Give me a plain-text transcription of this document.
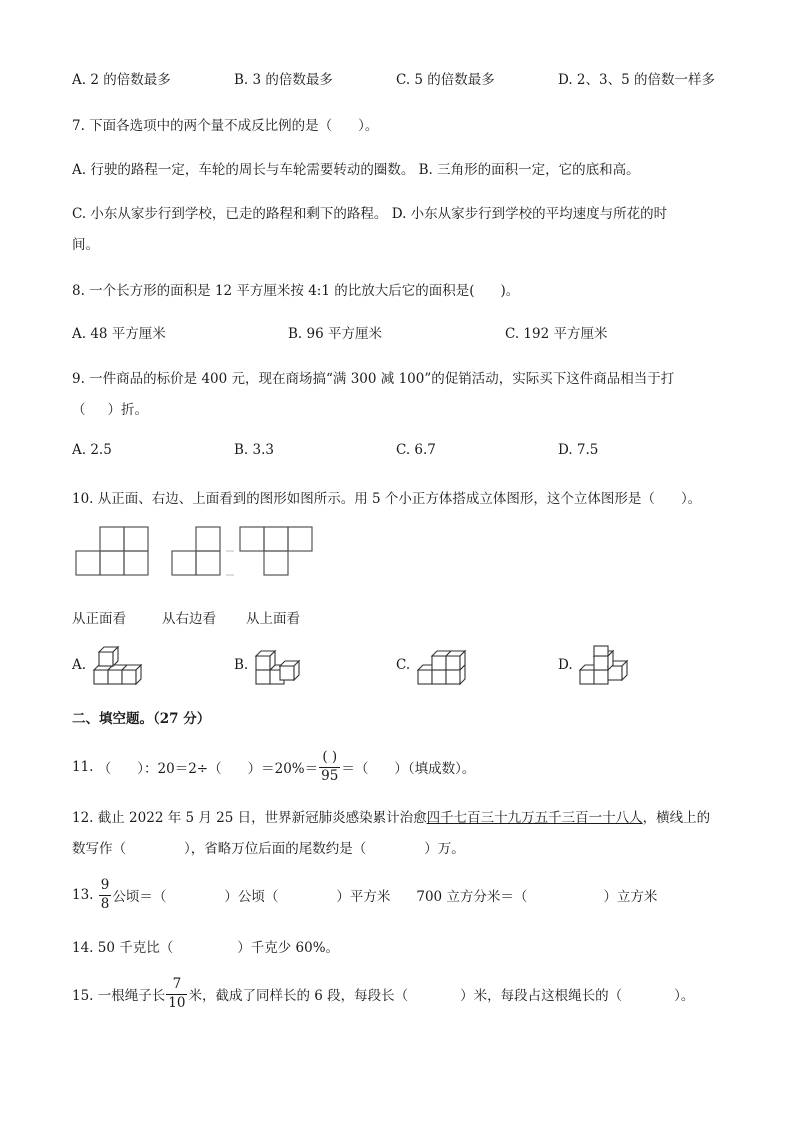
A. 2 的倍数最多	B. 3 的倍数最多	C. 5 的倍数最多	D. 2、3、5 的倍数一样多
7. 下面各选项中的两个量不成反比例的是（ ）。
A. 行驶的路程一定，车轮的周长与车轮需要转动的圈数。 B. 三角形的面积一定，它的底和高。
C. 小东从家步行到学校，已走的路程和剩下的路程。 D. 小东从家步行到学校的平均速度与所花的时
间。
8. 一个长方形的面积是 12 平方厘米按 4:1 的比放大后它的面积是( )。
A. 48 平方厘米	B. 96 平方厘米	C. 192 平方厘米
9. 一件商品的标价是 400 元，现在商场搞“满 300 减 100”的促销活动，实际买下这件商品相当于打
（ ）折。
A. 2.5	B. 3.3	C. 6.7	D. 7.5
10. 从正面、右边、上面看到的图形如图所示。用 5 个小正方体搭成立体图形，这个立体图形是（ ）。
从正面看	从右边看 从上面看
A.	B.	C.	D.
二、填空题。（27 分）
11.
（ ）：20＝2÷（ ）$=20\%= \frac{( )}{95}$ ＝（ ）（填成数）。
12. 截止 2022 年 5 月 25 日，世界新冠肺炎感染累计治愈四千七百三十九万五千三百一十八人，横线上的
数写作（	），省略万位后面的尾数约是（	）万。
13.
$\frac{9}{8}$ 公顷＝（	）公顷（	）平方米 700 立方分米＝（	）立方米
14. 50 千克比（	）千克少 60%。
15. 一根绳子长 $\frac{7}{10}$ 米，截成了同样长的 6 段，每段长（	）米，每段占这根绳长的（	）。
